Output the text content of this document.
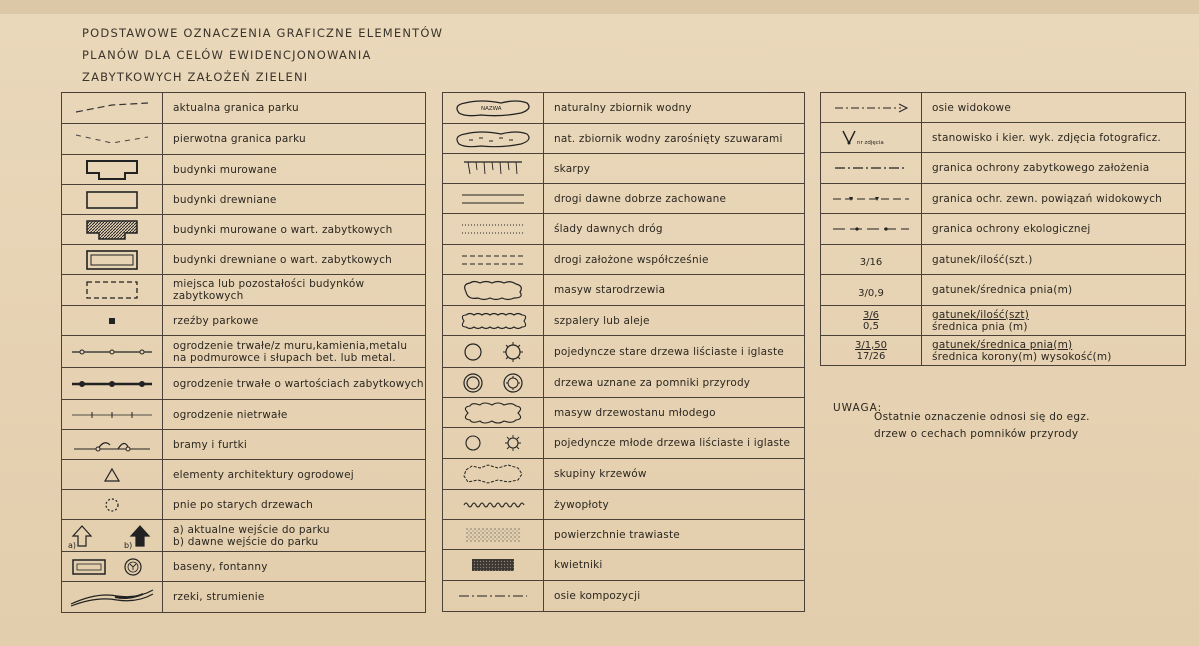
PODSTAWOWE OZNACZENIA GRAFICZNE ELEMENTÓW
PLANÓW DLA CELÓW EWIDENCJONOWANIA
ZABYTKOWYCH ZAŁOŻEŃ ZIELENI

aktualna granica parku

pierwotna granica parku

budynki murowane

budynki drewniane

budynki murowane o wart. zabytkowych

budynki drewniane o wart. zabytkowych

miejsca lub pozostałości budynków
zabytkowych

rzeźby parkowe

ogrodzenie trwałe/z muru,kamienia,metalu
na podmurowce i słupach bet. lub metal.

ogrodzenie trwałe o wartościach zabytkowych

ogrodzenie nietrwałe

bramy i furtki

elementy architektury ogrodowej

pnie po starych drzewach

a) b)	a) aktualne wejście do parku
b) dawne wejście do parku

baseny, fontanny

rzeki, strumienie
NAZWA	naturalny zbiornik wodny

nat. zbiornik wodny zarośnięty szuwarami

skarpy

drogi dawne dobrze zachowane

ślady dawnych dróg

drogi założone współcześnie

masyw starodrzewia

szpalery lub aleje

pojedyncze stare drzewa liściaste i iglaste

drzewa uznane za pomniki przyrody

masyw drzewostanu młodego

pojedyncze młode drzewa liściaste i iglaste

skupiny krzewów

żywopłoty

powierzchnie trawiaste

kwietniki

osie kompozycji

osie widokowe

nr zdjęcia	stanowisko i kier. wyk. zdjęcia fotograficz.

granica ochrony zabytkowego założenia

granica ochr. zewn. powiązań widokowych

granica ochrony ekologicznej

3/16	gatunek/ilość(szt.)

3/0,9	gatunek/średnica pnia(m)

3/6
0,5	gatunek/ilość(szt)
średnica pnia (m)

3/1,50
17/26	gatunek/średnica pnia(m)
średnica korony(m) wysokość(m)
UWAGA:
Ostatnie oznaczenie odnosi się do egz.
drzew o cechach pomników przyrody
